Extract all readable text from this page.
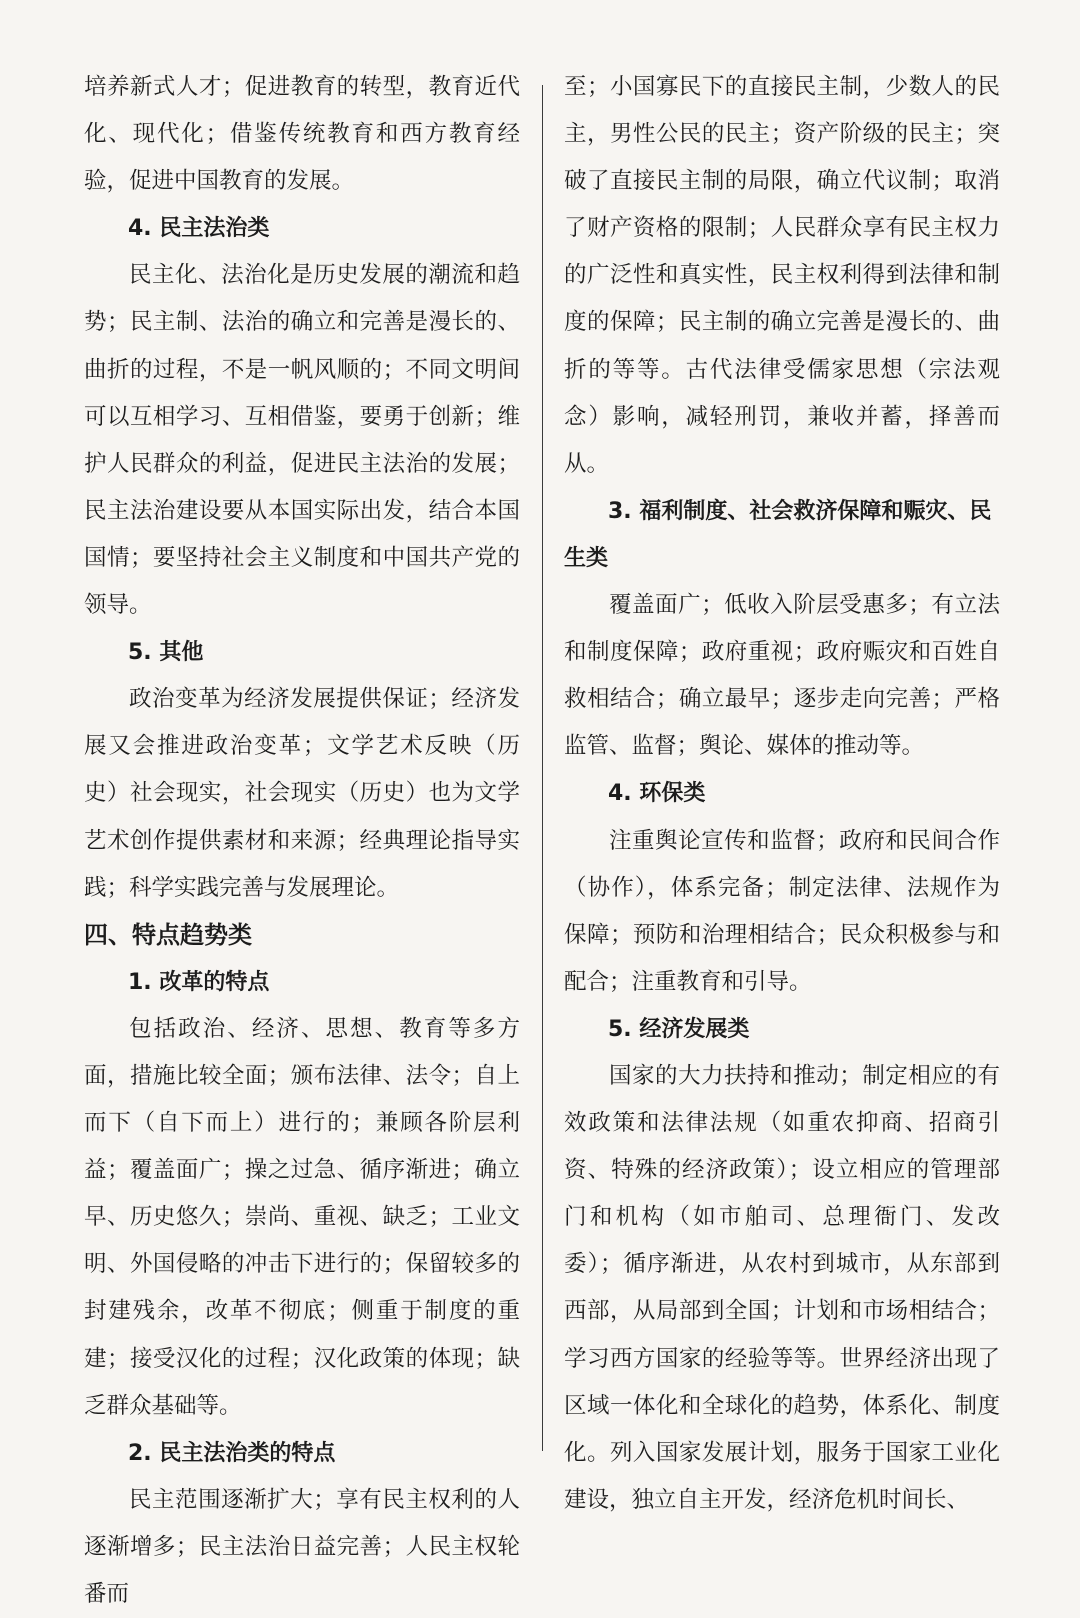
培养新式人才；促进教育的转型，教育近代化、现代化；借鉴传统教育和西方教育经验，促进中国教育的发展。

4. 民主法治类

民主化、法治化是历史发展的潮流和趋势；民主制、法治的确立和完善是漫长的、曲折的过程，不是一帆风顺的；不同文明间可以互相学习、互相借鉴，要勇于创新；维护人民群众的利益，促进民主法治的发展；民主法治建设要从本国实际出发，结合本国国情；要坚持社会主义制度和中国共产党的领导。

5. 其他

政治变革为经济发展提供保证；经济发展又会推进政治变革；文学艺术反映（历史）社会现实，社会现实（历史）也为文学艺术创作提供素材和来源；经典理论指导实践；科学实践完善与发展理论。

四、特点趋势类
1. 改革的特点

包括政治、经济、思想、教育等多方面，措施比较全面；颁布法律、法令；自上而下（自下而上）进行的；兼顾各阶层利益；覆盖面广；操之过急、循序渐进；确立早、历史悠久；崇尚、重视、缺乏；工业文明、外国侵略的冲击下进行的；保留较多的封建残余，改革不彻底；侧重于制度的重建；接受汉化的过程；汉化政策的体现；缺乏群众基础等。

2. 民主法治类的特点

民主范围逐渐扩大；享有民主权利的人逐渐增多；民主法治日益完善；人民主权轮番而

至；小国寡民下的直接民主制，少数人的民主，男性公民的民主；资产阶级的民主；突破了直接民主制的局限，确立代议制；取消了财产资格的限制；人民群众享有民主权力的广泛性和真实性，民主权利得到法律和制度的保障；民主制的确立完善是漫长的、曲折的等等。古代法律受儒家思想（宗法观念）影响，减轻刑罚，兼收并蓄，择善而从。

3. 福利制度、社会救济保障和赈灾、民生类

覆盖面广；低收入阶层受惠多；有立法和制度保障；政府重视；政府赈灾和百姓自救相结合；确立最早；逐步走向完善；严格监管、监督；舆论、媒体的推动等。

4. 环保类

注重舆论宣传和监督；政府和民间合作（协作），体系完备；制定法律、法规作为保障；预防和治理相结合；民众积极参与和配合；注重教育和引导。

5. 经济发展类

国家的大力扶持和推动；制定相应的有效政策和法律法规（如重农抑商、招商引资、特殊的经济政策）；设立相应的管理部门和机构（如市舶司、总理衙门、发改委）；循序渐进，从农村到城市，从东部到西部，从局部到全国；计划和市场相结合；学习西方国家的经验等等。世界经济出现了区域一体化和全球化的趋势，体系化、制度化。列入国家发展计划，服务于国家工业化建设，独立自主开发，经济危机时间长、
